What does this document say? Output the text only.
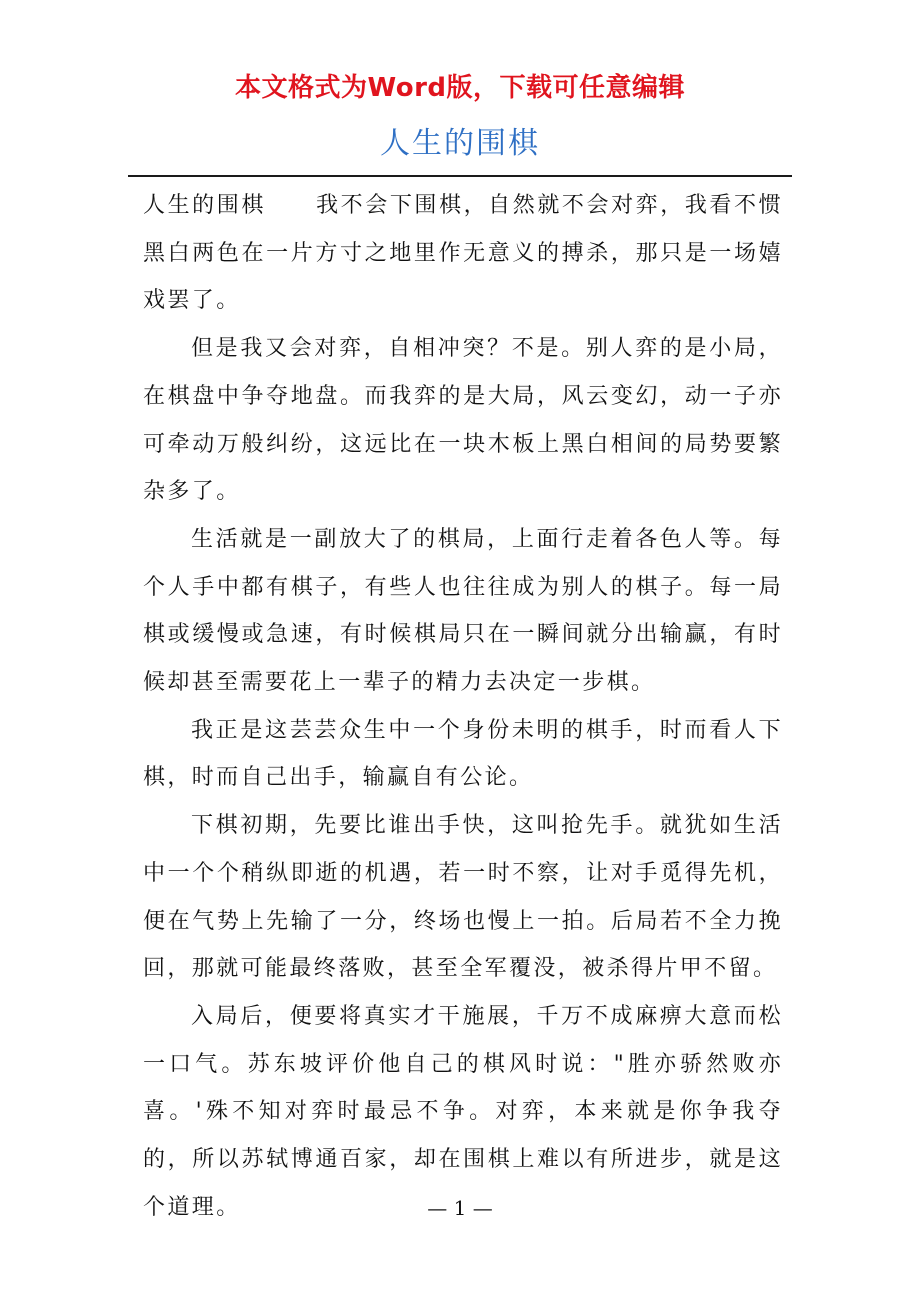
本文格式为Word版，下载可任意编辑
人生的围棋

人生的围棋 我不会下围棋，自然就不会对弈，我看不惯黑白两色在一片方寸之地里作无意义的搏杀，那只是一场嬉戏罢了。

但是我又会对弈，自相冲突？不是。别人弈的是小局，在棋盘中争夺地盘。而我弈的是大局，风云变幻，动一子亦可牵动万般纠纷，这远比在一块木板上黑白相间的局势要繁杂多了。

生活就是一副放大了的棋局，上面行走着各色人等。每个人手中都有棋子，有些人也往往成为别人的棋子。每一局棋或缓慢或急速，有时候棋局只在一瞬间就分出输赢，有时候却甚至需要花上一辈子的精力去决定一步棋。

我正是这芸芸众生中一个身份未明的棋手，时而看人下棋，时而自己出手，输赢自有公论。

下棋初期，先要比谁出手快，这叫抢先手。就犹如生活中一个个稍纵即逝的机遇，若一时不察，让对手觅得先机，便在气势上先输了一分，终场也慢上一拍。后局若不全力挽回，那就可能最终落败，甚至全军覆没，被杀得片甲不留。

入局后，便要将真实才干施展，千万不成麻痹大意而松一口气。苏东坡评价他自己的棋风时说："胜亦骄然败亦喜。'殊不知对弈时最忌不争。对弈，本来就是你争我夺的，所以苏轼博通百家，却在围棋上难以有所进步，就是这个道理。	— 1 —
